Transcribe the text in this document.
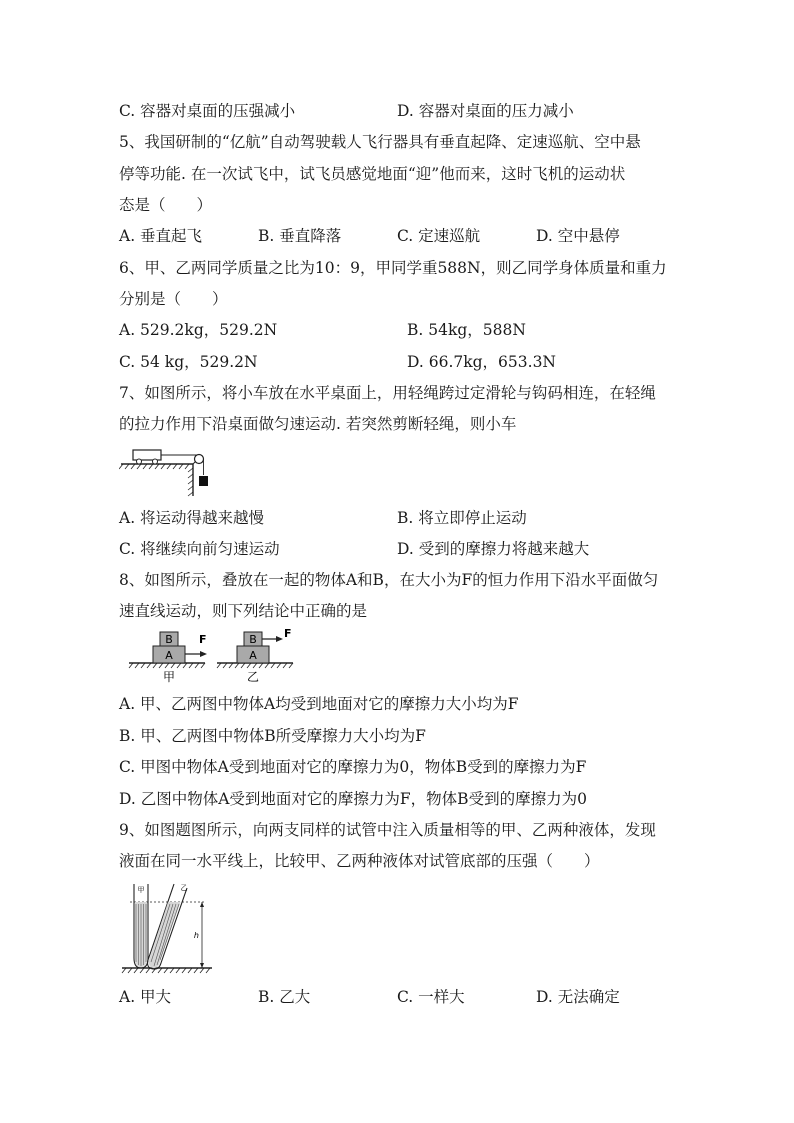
C. 容器对桌面的压强减小	D. 容器对桌面的压力减小
5、我国研制的“亿航”自动驾驶载人飞行器具有垂直起降、定速巡航、空中悬
停等功能. 在一次试飞中，试飞员感觉地面“迎”他而来，这时飞机的运动状
态是（　　）
A. 垂直起飞	B. 垂直降落	C. 定速巡航	D. 空中悬停
6、甲、乙两同学质量之比为10：9，甲同学重588N，则乙同学身体质量和重力
分别是（　　）
A. 529.2kg，529.2N	B. 54kg，588N
C. 54 kg，529.2N	D. 66.7kg，653.3N
7、如图所示，将小车放在水平桌面上，用轻绳跨过定滑轮与钩码相连，在轻绳
的拉力作用下沿桌面做匀速运动. 若突然剪断轻绳，则小车
A. 将运动得越来越慢	B. 将立即停止运动
C. 将继续向前匀速运动	D. 受到的摩擦力将越来越大
8、如图所示，叠放在一起的物体A和B，在大小为F的恒力作用下沿水平面做匀
速直线运动，则下列结论中正确的是
A
B F
甲
A
B F
乙
A. 甲、乙两图中物体A均受到地面对它的摩擦力大小均为F
B. 甲、乙两图中物体B所受摩擦力大小均为F
C. 甲图中物体A受到地面对它的摩擦力为0，物体B受到的摩擦力为F
D. 乙图中物体A受到地面对它的摩擦力为F，物体B受到的摩擦力为0
9、如图题图所示，向两支同样的试管中注入质量相等的甲、乙两种液体，发现
液面在同一水平线上，比较甲、乙两种液体对试管底部的压强（　　）
甲	乙
h
A. 甲大	B. 乙大	C. 一样大	D. 无法确定
